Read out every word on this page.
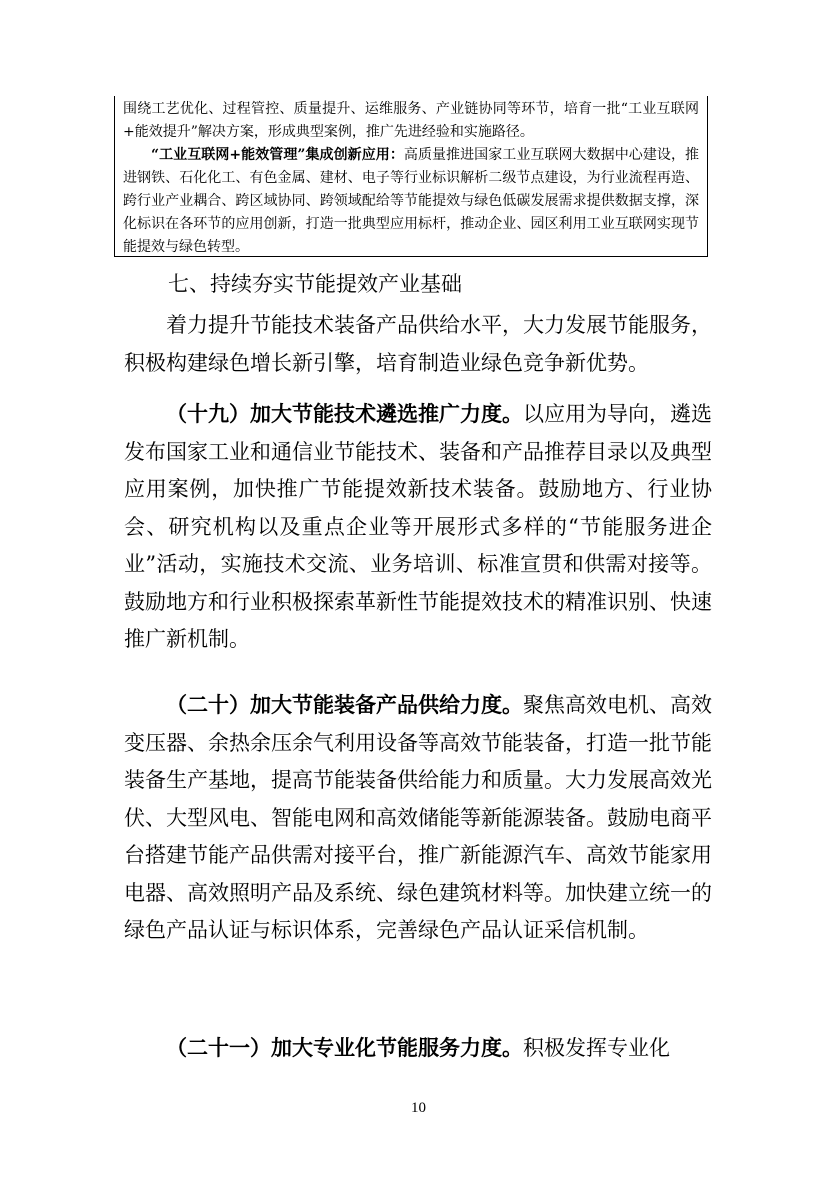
围绕工艺优化、过程管控、质量提升、运维服务、产业链协同等环节，培育一批“工业互联网+能效提升”解决方案，形成典型案例，推广先进经验和实施路径。

“工业互联网+能效管理”集成创新应用：高质量推进国家工业互联网大数据中心建设，推进钢铁、石化化工、有色金属、建材、电子等行业标识解析二级节点建设，为行业流程再造、跨行业产业耦合、跨区域协同、跨领域配给等节能提效与绿色低碳发展需求提供数据支撑，深化标识在各环节的应用创新，打造一批典型应用标杆，推动企业、园区利用工业互联网实现节能提效与绿色转型。

七、持续夯实节能提效产业基础

着力提升节能技术装备产品供给水平，大力发展节能服务，积极构建绿色增长新引擎，培育制造业绿色竞争新优势。

（十九）加大节能技术遴选推广力度。以应用为导向，遴选发布国家工业和通信业节能技术、装备和产品推荐目录以及典型应用案例，加快推广节能提效新技术装备。鼓励地方、行业协会、研究机构以及重点企业等开展形式多样的“节能服务进企业”活动，实施技术交流、业务培训、标准宣贯和供需对接等。鼓励地方和行业积极探索革新性节能提效技术的精准识别、快速推广新机制。

（二十）加大节能装备产品供给力度。聚焦高效电机、高效变压器、余热余压余气利用设备等高效节能装备，打造一批节能装备生产基地，提高节能装备供给能力和质量。大力发展高效光伏、大型风电、智能电网和高效储能等新能源装备。鼓励电商平台搭建节能产品供需对接平台，推广新能源汽车、高效节能家用电器、高效照明产品及系统、绿色建筑材料等。加快建立统一的绿色产品认证与标识体系，完善绿色产品认证采信机制。

（二十一）加大专业化节能服务力度。积极发挥专业化

10
